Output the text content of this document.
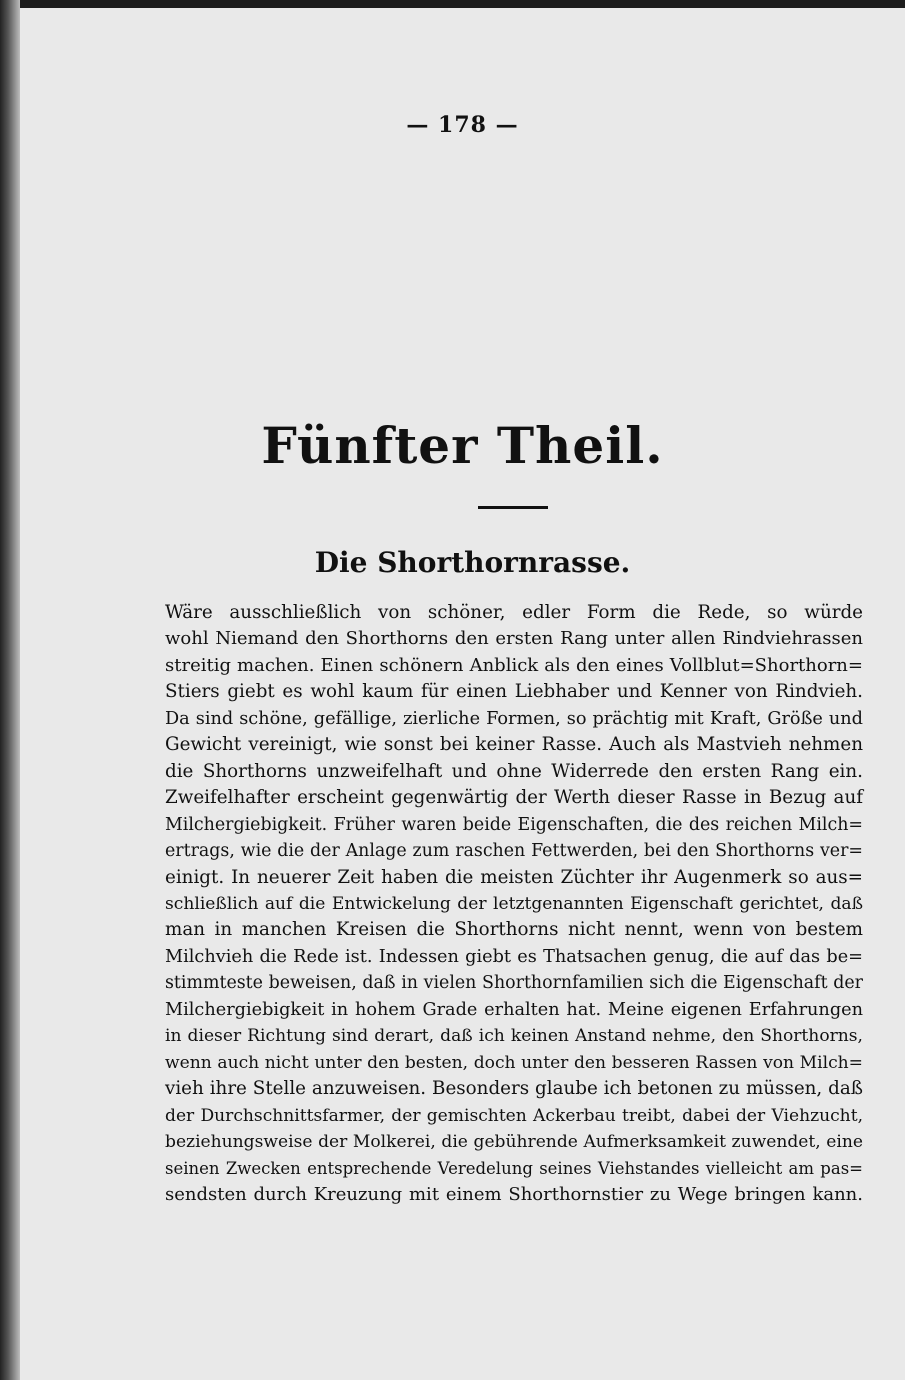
— 178 —
Fünfter Theil.
Die Shorthornrasse.
Wäre ausschließlich von schöner, edler Form die Rede, so würde
wohl Niemand den Shorthorns den ersten Rang unter allen Rindviehrassen
streitig machen. Einen schönern Anblick als den eines Vollblut=Shorthorn=
Stiers giebt es wohl kaum für einen Liebhaber und Kenner von Rindvieh.
Da sind schöne, gefällige, zierliche Formen, so prächtig mit Kraft, Größe und
Gewicht vereinigt, wie sonst bei keiner Rasse. Auch als Mastvieh nehmen
die Shorthorns unzweifelhaft und ohne Widerrede den ersten Rang ein.
Zweifelhafter erscheint gegenwärtig der Werth dieser Rasse in Bezug auf
Milchergiebigkeit. Früher waren beide Eigenschaften, die des reichen Milch=
ertrags, wie die der Anlage zum raschen Fettwerden, bei den Shorthorns ver=
einigt. In neuerer Zeit haben die meisten Züchter ihr Augenmerk so aus=
schließlich auf die Entwickelung der letztgenannten Eigenschaft gerichtet, daß
man in manchen Kreisen die Shorthorns nicht nennt, wenn von bestem
Milchvieh die Rede ist. Indessen giebt es Thatsachen genug, die auf das be=
stimmteste beweisen, daß in vielen Shorthornfamilien sich die Eigenschaft der
Milchergiebigkeit in hohem Grade erhalten hat. Meine eigenen Erfahrungen
in dieser Richtung sind derart, daß ich keinen Anstand nehme, den Shorthorns,
wenn auch nicht unter den besten, doch unter den besseren Rassen von Milch=
vieh ihre Stelle anzuweisen. Besonders glaube ich betonen zu müssen, daß
der Durchschnittsfarmer, der gemischten Ackerbau treibt, dabei der Viehzucht,
beziehungsweise der Molkerei, die gebührende Aufmerksamkeit zuwendet, eine
seinen Zwecken entsprechende Veredelung seines Viehstandes vielleicht am pas=
sendsten durch Kreuzung mit einem Shorthornstier zu Wege bringen kann.
